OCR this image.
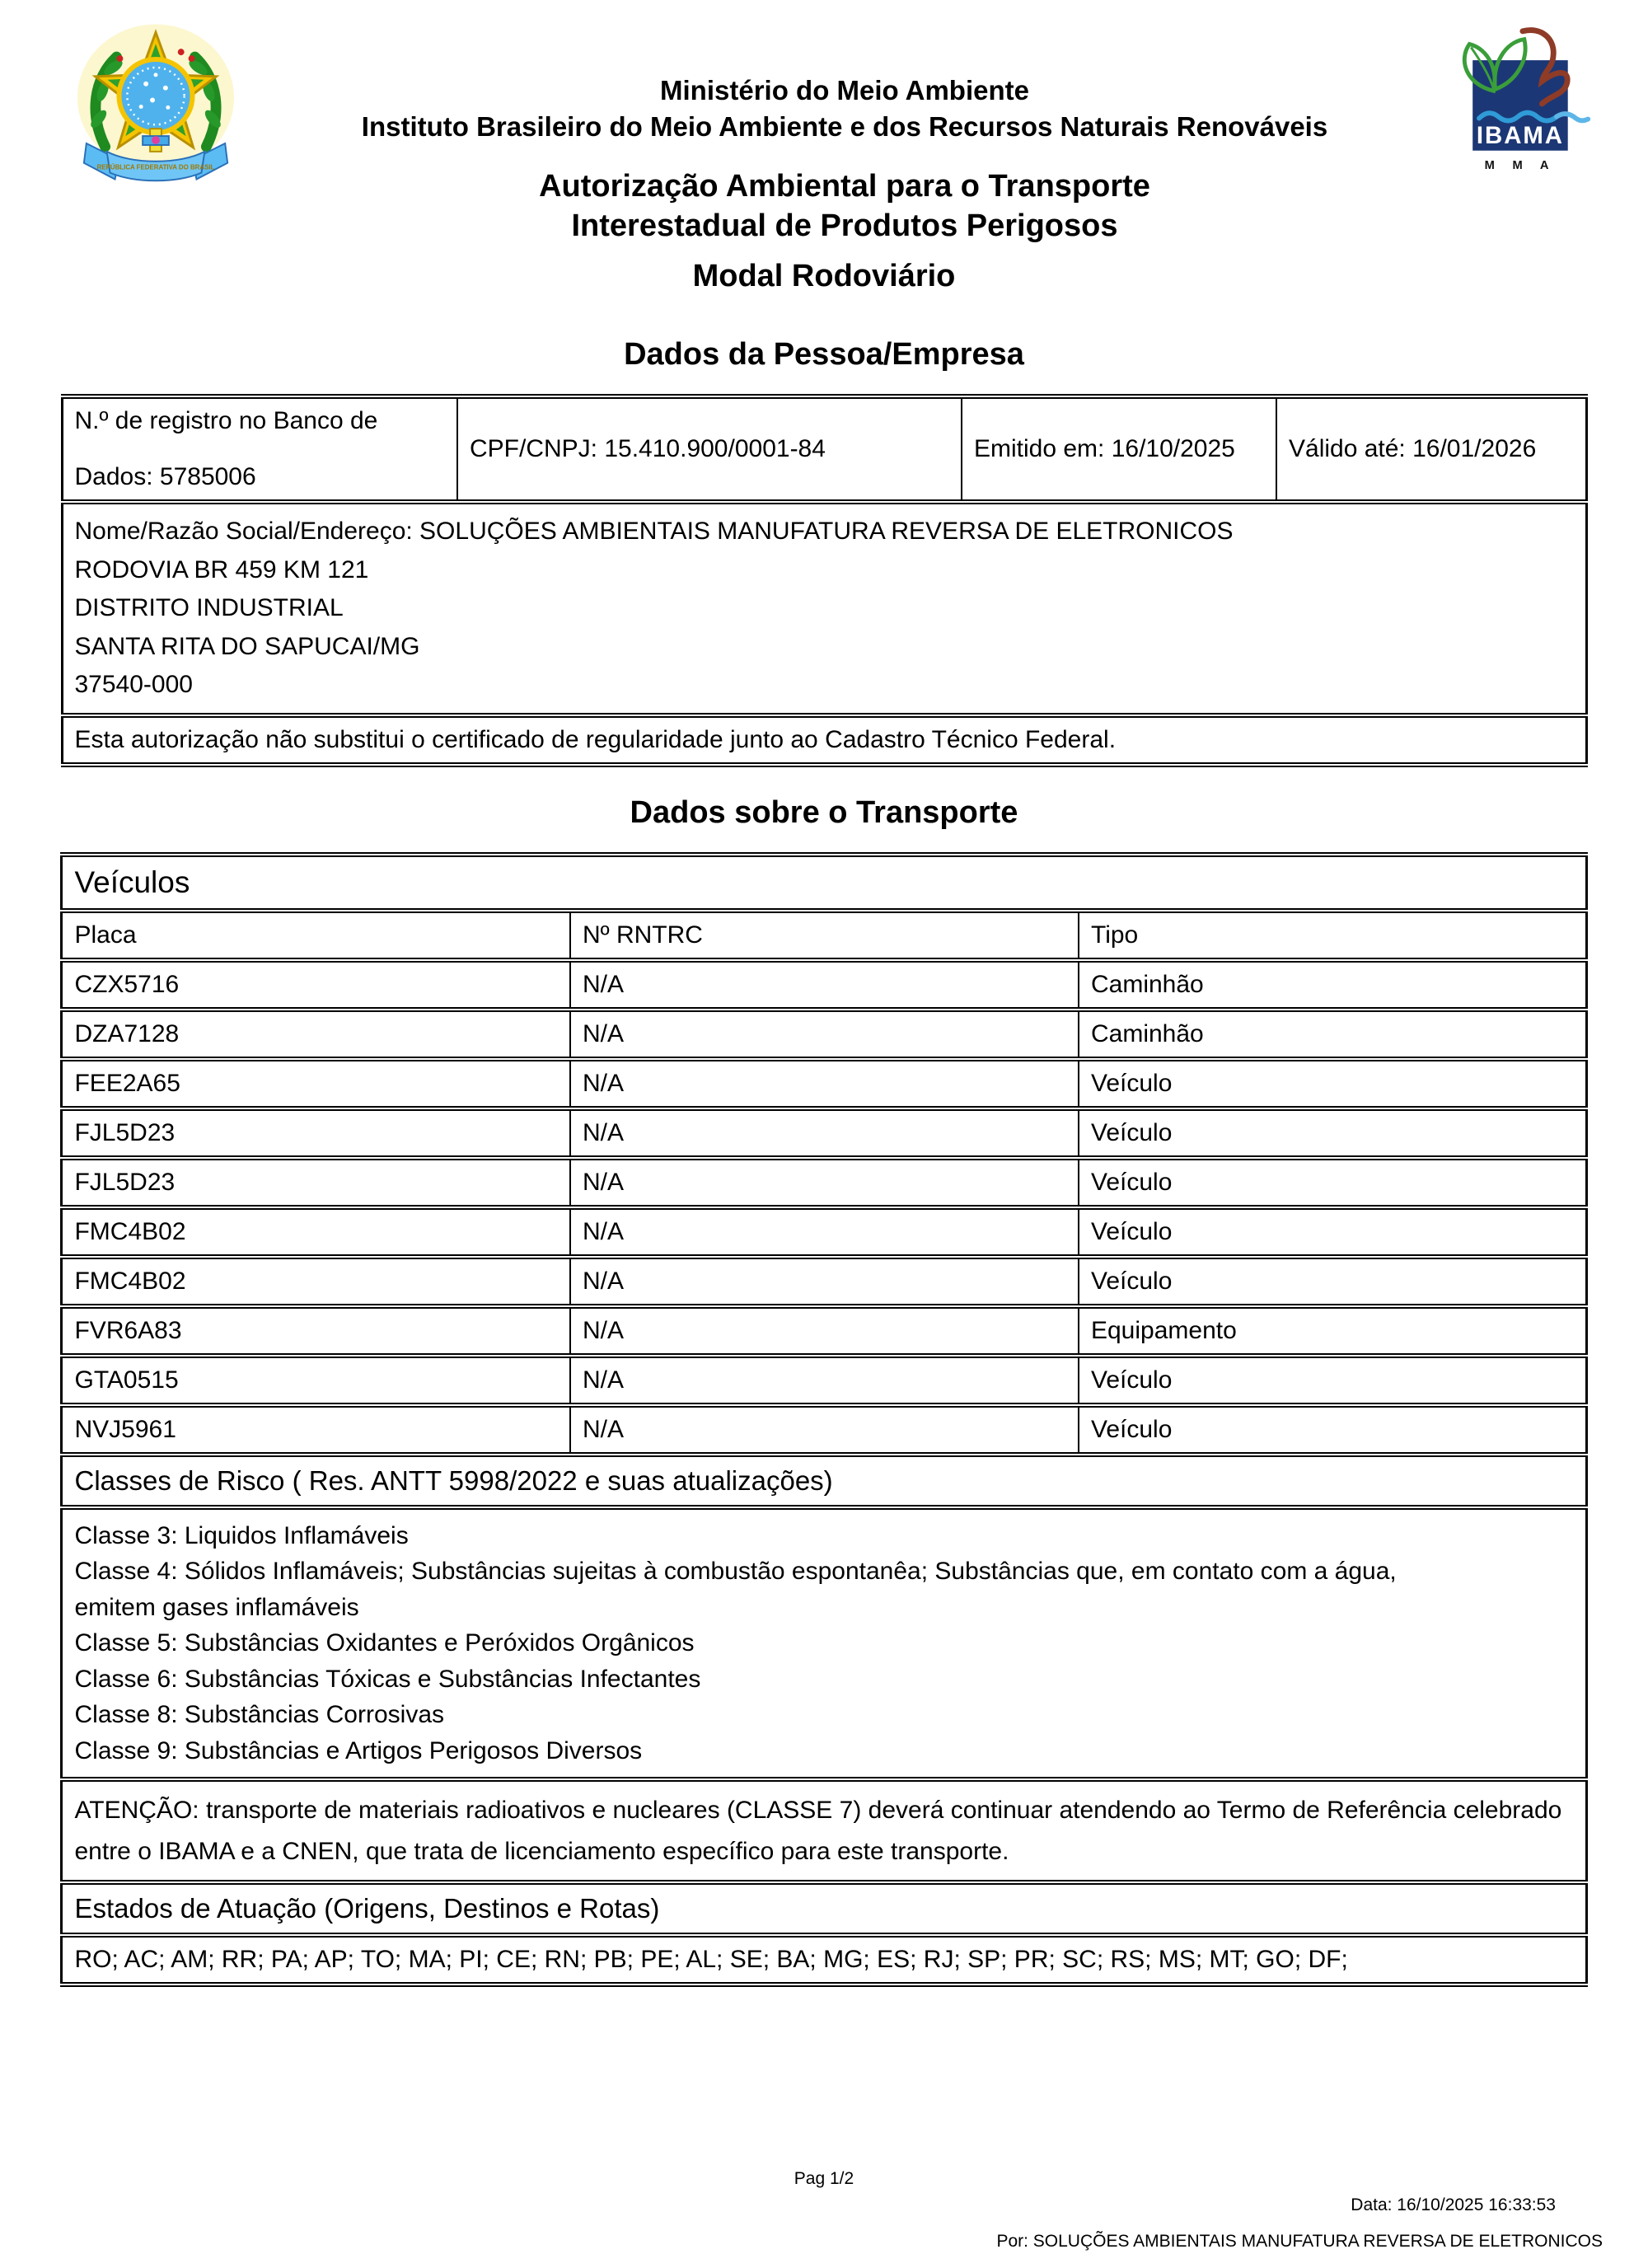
REPÚBLICA FEDERATIVA DO BRASIL
Ministério do Meio Ambiente
Instituto Brasileiro do Meio Ambiente e dos Recursos Naturais Renováveis
Autorização Ambiental para o Transporte
Interestadual de Produtos Perigosos
IBAMA
M M A
Modal Rodoviário
Dados da Pessoa/Empresa
N.º de registro no Banco de
Dados: 5785006
	CPF/CNPJ: 15.410.900/0001-84	Emitido em: 16/10/2025	Válido até: 16/01/2026

Nome/Razão Social/Endereço: SOLUÇÕES AMBIENTAIS MANUFATURA REVERSA DE ELETRONICOS
RODOVIA BR 459 KM 121
DISTRITO INDUSTRIAL
SANTA RITA DO SAPUCAI/MG
37540-000

Esta autorização não substitui o certificado de regularidade junto ao Cadastro Técnico Federal.
Dados sobre o Transporte
Veículos		
Placa	Nº RNTRC	Tipo
CZX5716	N/A	Caminhão
DZA7128	N/A	Caminhão
FEE2A65	N/A	Veículo
FJL5D23	N/A	Veículo
FJL5D23	N/A	Veículo
FMC4B02	N/A	Veículo
FMC4B02	N/A	Veículo
FVR6A83	N/A	Equipamento
GTA0515	N/A	Veículo
NVJ5961	N/A	Veículo
Classes de Risco ( Res. ANTT 5998/2022 e suas atualizações)		

Classe 3: Liquidos Inflamáveis
Classe 4: Sólidos Inflamáveis; Substâncias sujeitas à combustão espontanêa; Substâncias que, em contato com a água,
emitem gases inflamáveis
Classe 5: Substâncias Oxidantes e Peróxidos Orgânicos
Classe 6: Substâncias Tóxicas e Substâncias Infectantes
Classe 8: Substâncias Corrosivas
Classe 9: Substâncias e Artigos Perigosos Diversos

ATENÇÃO: transporte de materiais radioativos e nucleares (CLASSE 7) deverá continuar atendendo ao Termo de Referência celebrado entre o IBAMA e a CNEN, que trata de licenciamento específico para este transporte.		
Estados de Atuação (Origens, Destinos e Rotas)		
RO; AC; AM; RR; PA; AP; TO; MA; PI; CE; RN; PB; PE; AL; SE; BA; MG; ES; RJ; SP; PR; SC; RS; MS; MT; GO; DF;		
Pag 1/2
Data: 16/10/2025 16:33:53
Por: SOLUÇÕES AMBIENTAIS MANUFATURA REVERSA DE ELETRONICOS
